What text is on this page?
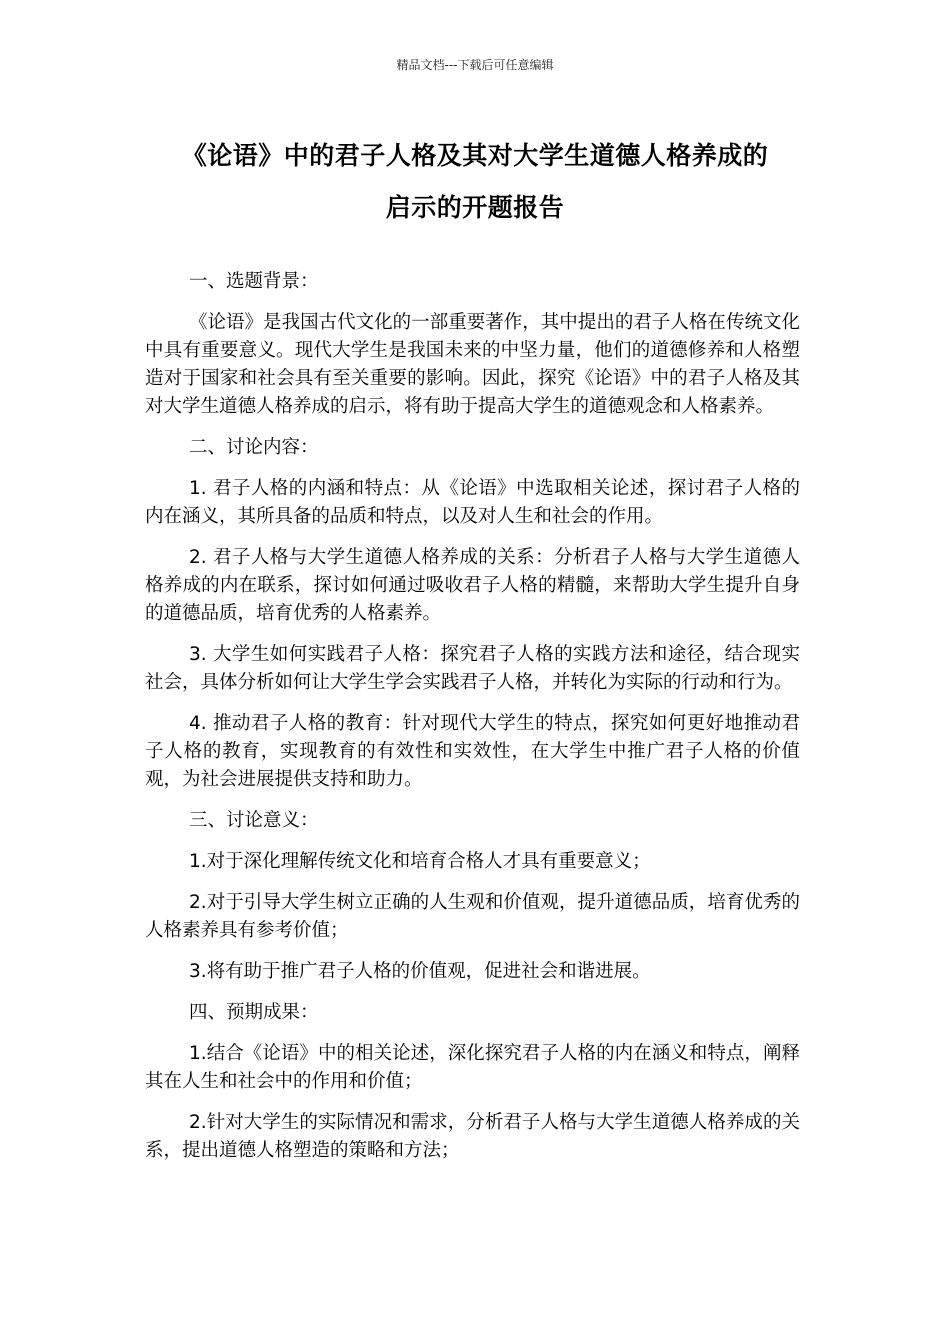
精品文档---下载后可任意编辑
《论语》中的君子人格及其对大学生道德人格养成的
启示的开题报告

一、选题背景：

《论语》是我国古代文化的一部重要著作，其中提出的君子人格在传统文化中具有重要意义。现代大学生是我国未来的中坚力量，他们的道德修养和人格塑造对于国家和社会具有至关重要的影响。因此，探究《论语》中的君子人格及其对大学生道德人格养成的启示，将有助于提高大学生的道德观念和人格素养。

二、讨论内容：

1. 君子人格的内涵和特点：从《论语》中选取相关论述，探讨君子人格的内在涵义，其所具备的品质和特点，以及对人生和社会的作用。

2. 君子人格与大学生道德人格养成的关系：分析君子人格与大学生道德人格养成的内在联系，探讨如何通过吸收君子人格的精髓，来帮助大学生提升自身的道德品质，培育优秀的人格素养。

3. 大学生如何实践君子人格：探究君子人格的实践方法和途径，结合现实社会，具体分析如何让大学生学会实践君子人格，并转化为实际的行动和行为。

4. 推动君子人格的教育：针对现代大学生的特点，探究如何更好地推动君子人格的教育，实现教育的有效性和实效性，在大学生中推广君子人格的价值观，为社会进展提供支持和助力。

三、讨论意义：

1.对于深化理解传统文化和培育合格人才具有重要意义；

2.对于引导大学生树立正确的人生观和价值观，提升道德品质，培育优秀的人格素养具有参考价值；

3.将有助于推广君子人格的价值观，促进社会和谐进展。

四、预期成果：

1.结合《论语》中的相关论述，深化探究君子人格的内在涵义和特点，阐释其在人生和社会中的作用和价值；

2.针对大学生的实际情况和需求，分析君子人格与大学生道德人格养成的关系，提出道德人格塑造的策略和方法；
